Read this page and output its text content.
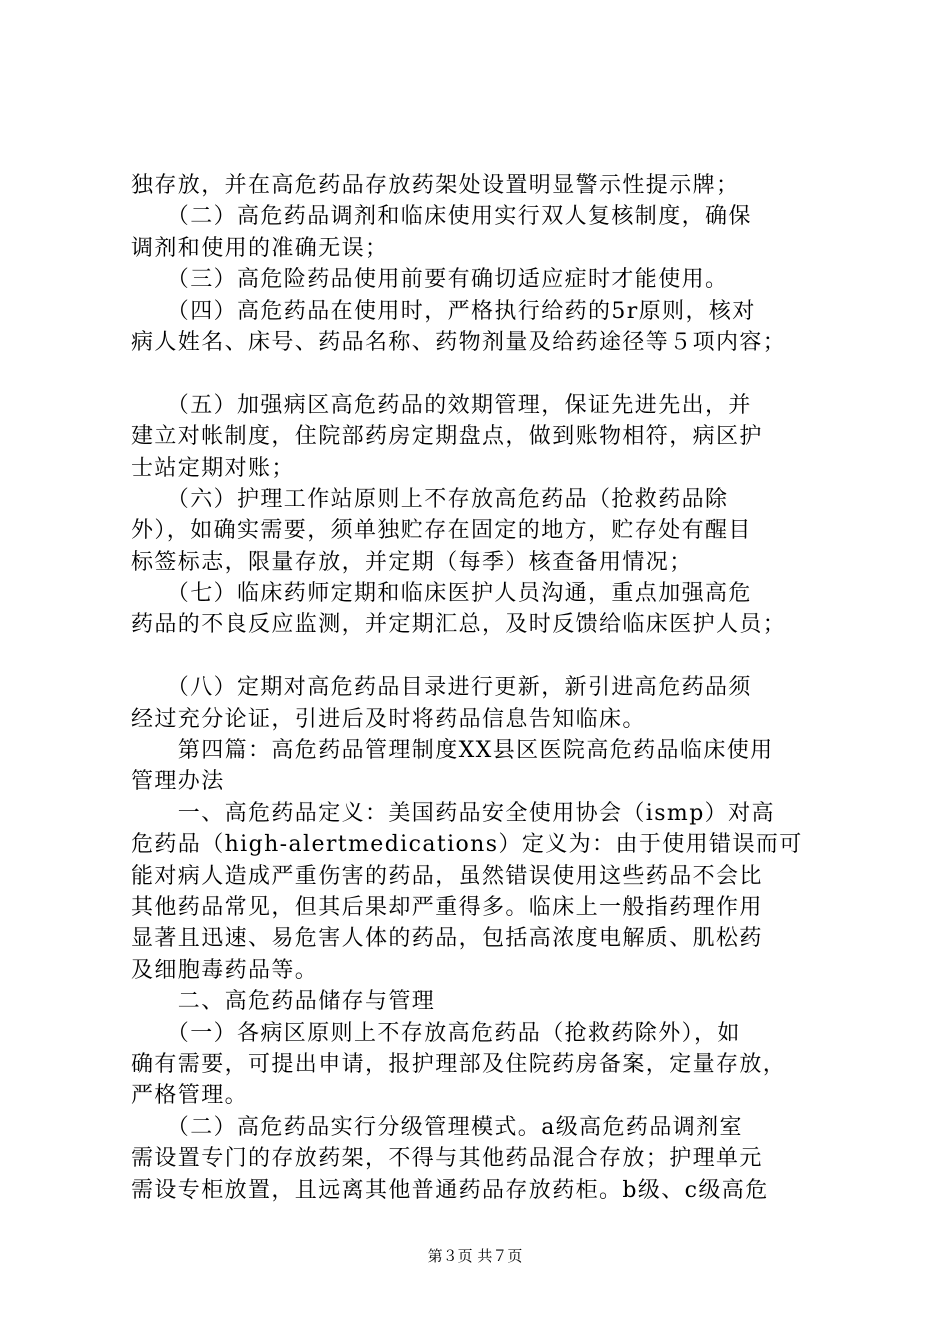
独存放，并在高危药品存放药架处设置明显警示性提示牌；
　　（二）高危药品调剂和临床使用实行双人复核制度，确保
调剂和使用的准确无误；
　　（三）高危险药品使用前要有确切适应症时才能使用。
　　（四）高危药品在使用时，严格执行给药的5r原则，核对
病人姓名、床号、药品名称、药物剂量及给药途径等５项内容；
　　（五）加强病区高危药品的效期管理，保证先进先出，并
建立对帐制度，住院部药房定期盘点，做到账物相符，病区护
士站定期对账；
　　（六）护理工作站原则上不存放高危药品（抢救药品除
外），如确实需要，须单独贮存在固定的地方，贮存处有醒目
标签标志，限量存放，并定期（每季）核查备用情况；
　　（七）临床药师定期和临床医护人员沟通，重点加强高危
药品的不良反应监测，并定期汇总，及时反馈给临床医护人员；
　　（八）定期对高危药品目录进行更新，新引进高危药品须
经过充分论证，引进后及时将药品信息告知临床。
　　第四篇：高危药品管理制度XX县区医院高危药品临床使用
管理办法
　　一、高危药品定义：美国药品安全使用协会（ismp）对高
危药品（high-alertmedications）定义为：由于使用错误而可
能对病人造成严重伤害的药品，虽然错误使用这些药品不会比
其他药品常见，但其后果却严重得多。临床上一般指药理作用
显著且迅速、易危害人体的药品，包括高浓度电解质、肌松药
及细胞毒药品等。
　　二、高危药品储存与管理
　　（一）各病区原则上不存放高危药品（抢救药除外），如
确有需要，可提出申请，报护理部及住院药房备案，定量存放，
严格管理。
　　（二）高危药品实行分级管理模式。a级高危药品调剂室
需设置专门的存放药架，不得与其他药品混合存放；护理单元
需设专柜放置，且远离其他普通药品存放药柜。b级、c级高危
第３页 共７页
